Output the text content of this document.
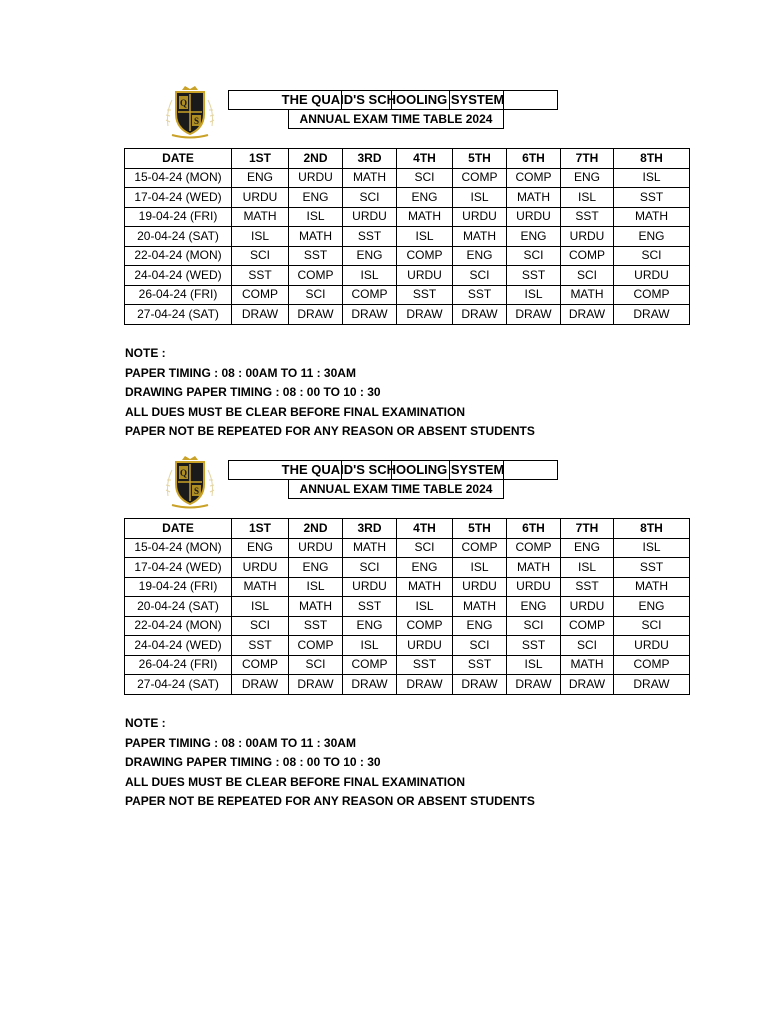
Q
S
THE QUAID'S SCHOOLING SYSTEM
ANNUAL EXAM TIME TABLE 2024
DATE	1ST	2ND	3RD	4TH	5TH	6TH	7TH	8TH
15-04-24 (MON)	ENG	URDU	MATH	SCI	COMP	COMP	ENG	ISL
17-04-24 (WED)	URDU	ENG	SCI	ENG	ISL	MATH	ISL	SST
19-04-24 (FRI)	MATH	ISL	URDU	MATH	URDU	URDU	SST	MATH
20-04-24 (SAT)	ISL	MATH	SST	ISL	MATH	ENG	URDU	ENG
22-04-24 (MON)	SCI	SST	ENG	COMP	ENG	SCI	COMP	SCI
24-04-24 (WED)	SST	COMP	ISL	URDU	SCI	SST	SCI	URDU
26-04-24 (FRI)	COMP	SCI	COMP	SST	SST	ISL	MATH	COMP
27-04-24 (SAT)	DRAW	DRAW	DRAW	DRAW	DRAW	DRAW	DRAW	DRAW
NOTE :
PAPER TIMING : 08 : 00AM TO 11 : 30AM
DRAWING PAPER TIMING : 08 : 00 TO 10 : 30
ALL DUES MUST BE CLEAR BEFORE FINAL EXAMINATION
PAPER NOT BE REPEATED FOR ANY REASON OR ABSENT STUDENTS
Q
S
THE QUAID'S SCHOOLING SYSTEM
ANNUAL EXAM TIME TABLE 2024
DATE	1ST	2ND	3RD	4TH	5TH	6TH	7TH	8TH
15-04-24 (MON)	ENG	URDU	MATH	SCI	COMP	COMP	ENG	ISL
17-04-24 (WED)	URDU	ENG	SCI	ENG	ISL	MATH	ISL	SST
19-04-24 (FRI)	MATH	ISL	URDU	MATH	URDU	URDU	SST	MATH
20-04-24 (SAT)	ISL	MATH	SST	ISL	MATH	ENG	URDU	ENG
22-04-24 (MON)	SCI	SST	ENG	COMP	ENG	SCI	COMP	SCI
24-04-24 (WED)	SST	COMP	ISL	URDU	SCI	SST	SCI	URDU
26-04-24 (FRI)	COMP	SCI	COMP	SST	SST	ISL	MATH	COMP
27-04-24 (SAT)	DRAW	DRAW	DRAW	DRAW	DRAW	DRAW	DRAW	DRAW
NOTE :
PAPER TIMING : 08 : 00AM TO 11 : 30AM
DRAWING PAPER TIMING : 08 : 00 TO 10 : 30
ALL DUES MUST BE CLEAR BEFORE FINAL EXAMINATION
PAPER NOT BE REPEATED FOR ANY REASON OR ABSENT STUDENTS
